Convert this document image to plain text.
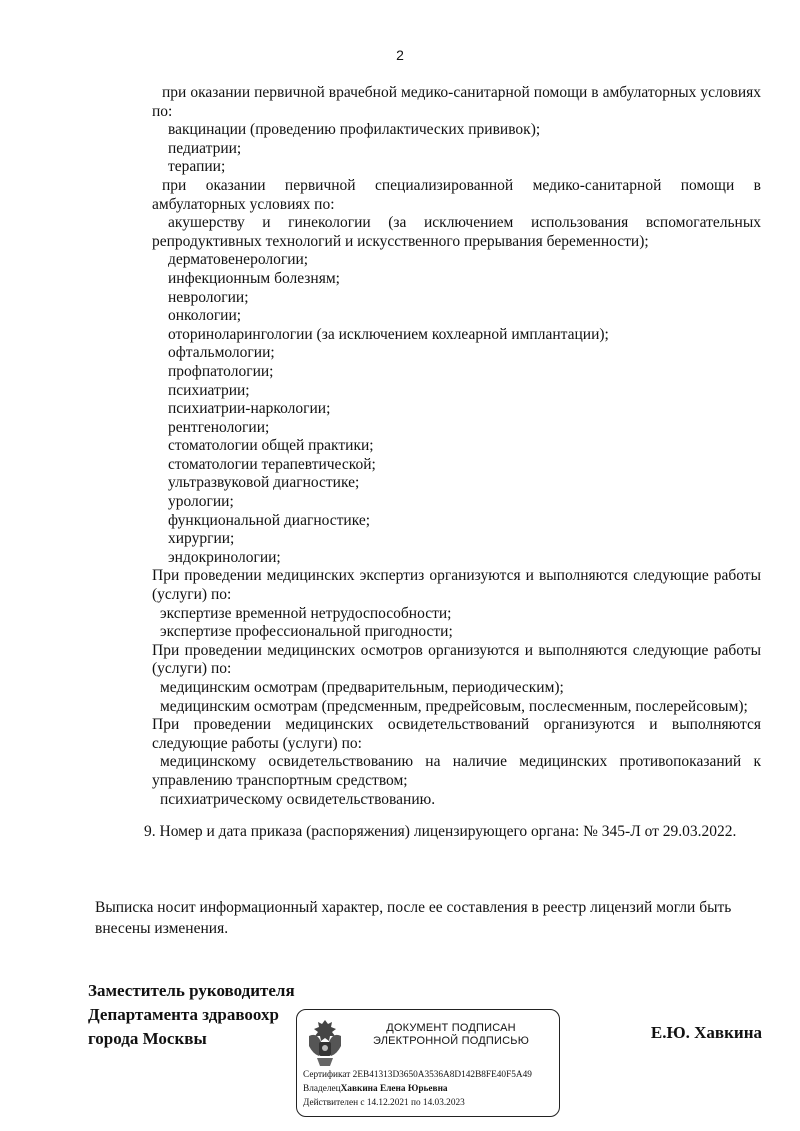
2

при оказании первичной врачебной медико-санитарной помощи в амбулаторных условиях по:

вакцинации (проведению профилактических прививок);

педиатрии;

терапии;

при оказании первичной специализированной медико-санитарной помощи в амбулаторных условиях по:

акушерству и гинекологии (за исключением использования вспомогательных репродуктивных технологий и искусственного прерывания беременности);

дерматовенерологии;

инфекционным болезням;

неврологии;

онкологии;

оториноларингологии (за исключением кохлеарной имплантации);

офтальмологии;

профпатологии;

психиатрии;

психиатрии-наркологии;

рентгенологии;

стоматологии общей практики;

стоматологии терапевтической;

ультразвуковой диагностике;

урологии;

функциональной диагностике;

хирургии;

эндокринологии;

При проведении медицинских экспертиз организуются и выполняются следующие работы (услуги) по:

экспертизе временной нетрудоспособности;

экспертизе профессиональной пригодности;

При проведении медицинских осмотров организуются и выполняются следующие работы (услуги) по:

медицинским осмотрам (предварительным, периодическим);

медицинским осмотрам (предсменным, предрейсовым, послесменным, послерейсовым);

При проведении медицинских освидетельствований организуются и выполняются следующие работы (услуги) по:

медицинскому освидетельствованию на наличие медицинских противопоказаний к управлению транспортным средством;

психиатрическому освидетельствованию.

9. Номер и дата приказа (распоряжения) лицензирующего органа: № 345-Л от 29.03.2022.

Выписка носит информационный характер, после ее составления в реестр лицензий могли быть внесены изменения.

Заместитель руководителя
Департамента здравоохр
города Москвы	Е.Ю. Хавкина
ДОКУМЕНТ ПОДПИСАН
ЭЛЕКТРОННОЙ ПОДПИСЬЮ
Сертификат 2EB41313D3650A3536A8D142B8FE40F5A49
ВладелецХавкина Елена Юрьевна
Действителен с 14.12.2021 по 14.03.2023
